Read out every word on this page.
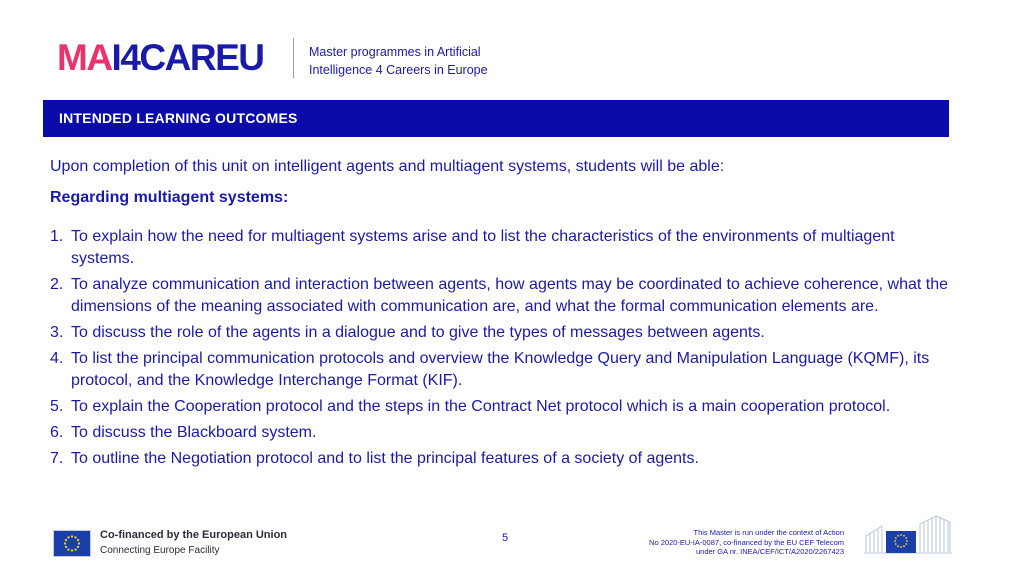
MAI4CAREU	Master programmes in Artificial
Intelligence 4 Careers in Europe
INTENDED LEARNING OUTCOMES
Upon completion of this unit on intelligent agents and multiagent systems, students will be able:
Regarding multiagent systems:
1. To explain how the need for multiagent systems arise and to list the characteristics of the environments of multiagent systems.
2. To analyze communication and interaction between agents, how agents may be coordinated to achieve coherence, what the dimensions of the meaning associated with communication are, and what the formal communication elements are.
3. To discuss the role of the agents in a dialogue and to give the types of messages between agents.
4. To list the principal communication protocols and overview the Knowledge Query and Manipulation Language (KQMF), its protocol, and the Knowledge Interchange Format (KIF).
5. To explain the Cooperation protocol and the steps in the Contract Net protocol which is a main cooperation protocol.
6. To discuss the Blackboard system.
7. To outline the Negotiation protocol and to list the principal features of a society of agents.
Co-financed by the European Union
Connecting Europe Facility
5	This Master is run under the context of Action
No 2020-EU-IA-0087, co-financed by the EU CEF Telecom
under GA nr. INEA/CEF/ICT/A2020/2267423
